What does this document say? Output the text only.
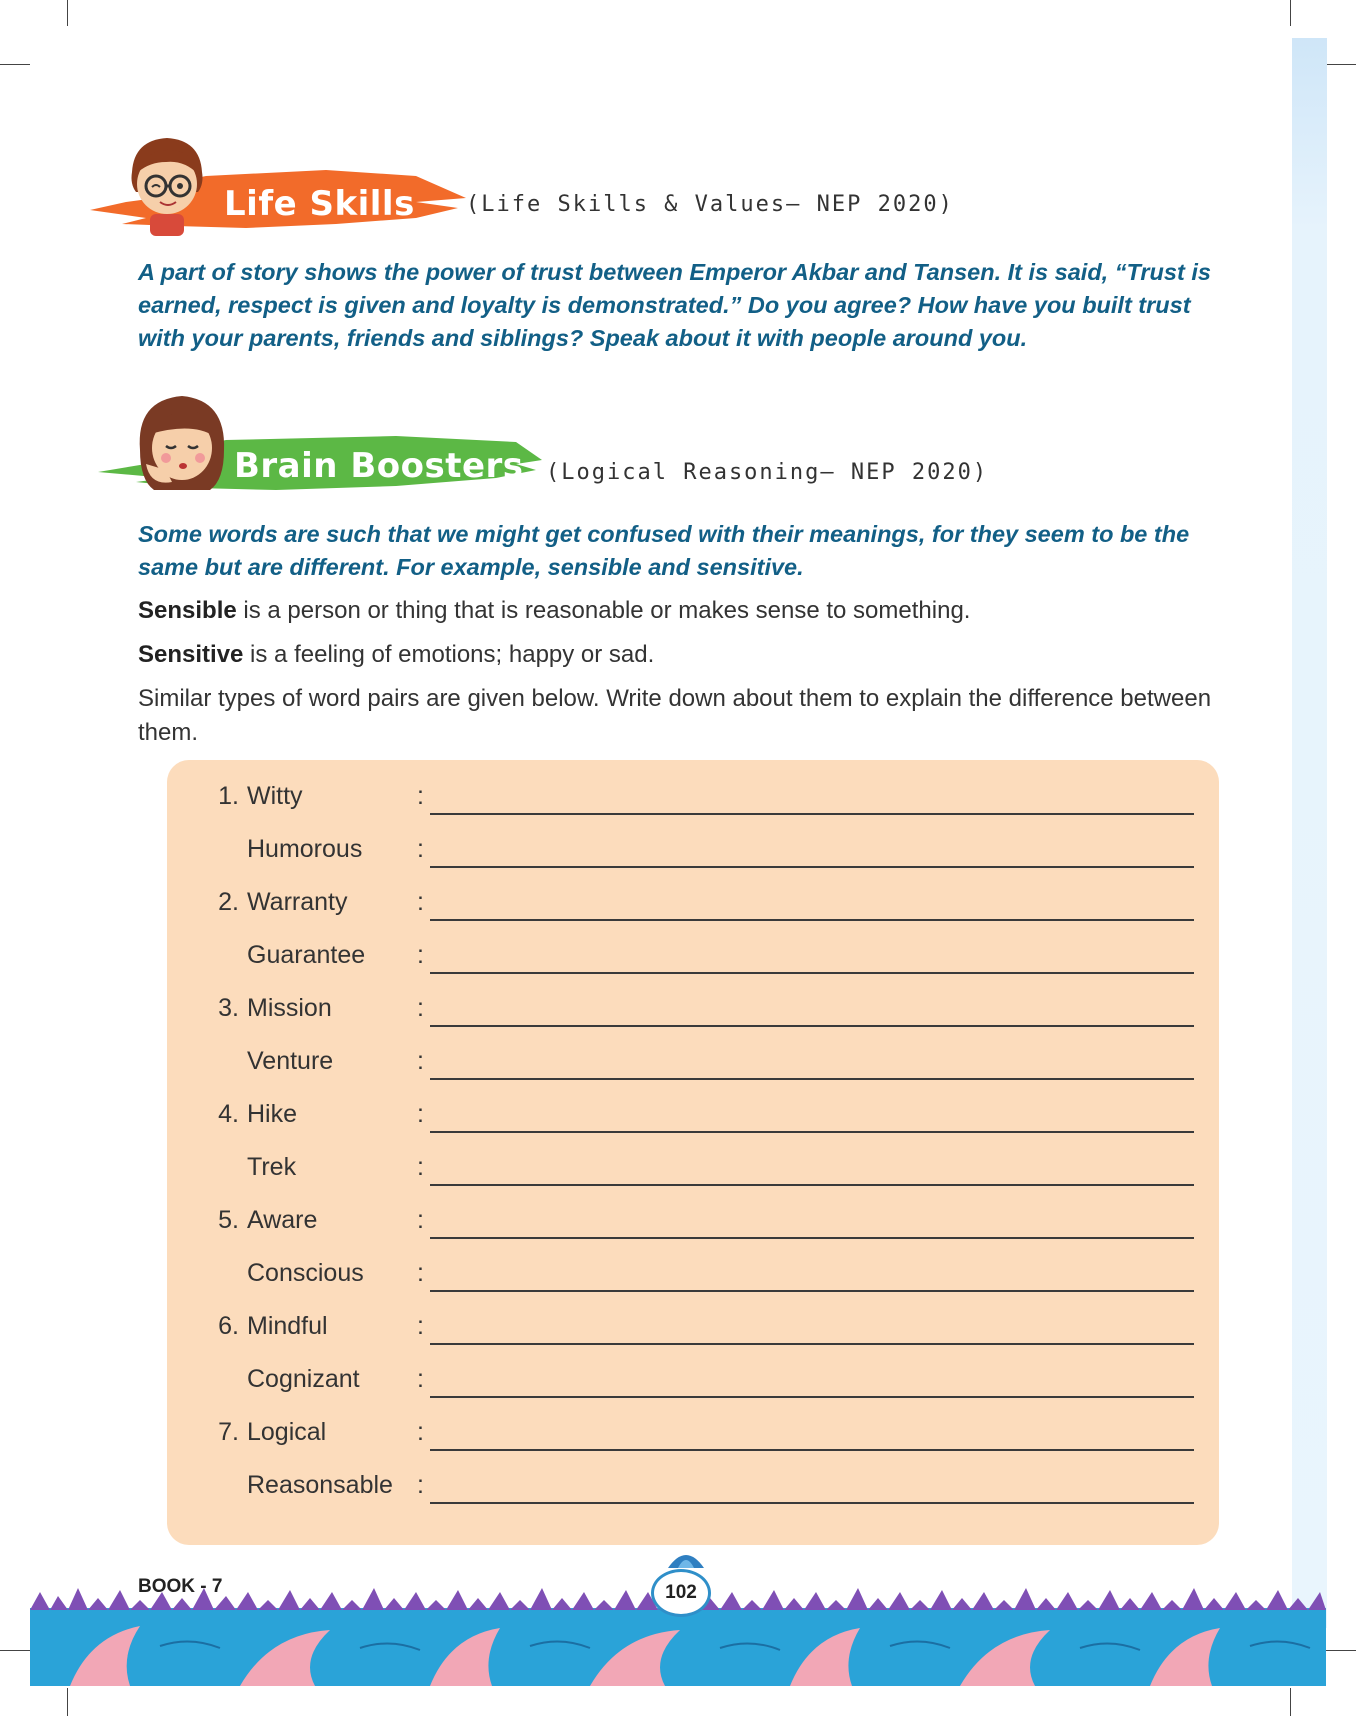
Life Skills (Life Skills & Values– NEP 2020)
A part of story shows the power of trust between Emperor Akbar and Tansen. It is said, “Trust is earned, respect is given and loyalty is demonstrated.” Do you agree? How have you built trust with your parents, friends and siblings? Speak about it with people around you.
Brain Boosters (Logical Reasoning– NEP 2020)
Some words are such that we might get confused with their meanings, for they seem to be the same but are different. For example, sensible and sensitive.
Sensible is a person or thing that is reasonable or makes sense to something.
Sensitive is a feeling of emotions; happy or sad.
Similar types of word pairs are given below. Write down about them to explain the difference between them.
1. Witty	:
Humorous :
2. Warranty	:
Guarantee :
3. Mission	:
Venture	:
4. Hike	:
Trek	:
5. Aware	:
Conscious :
6. Mindful	:
Cognizant :
7. Logical	:
Reasonsable :
BOOK - 7	102
